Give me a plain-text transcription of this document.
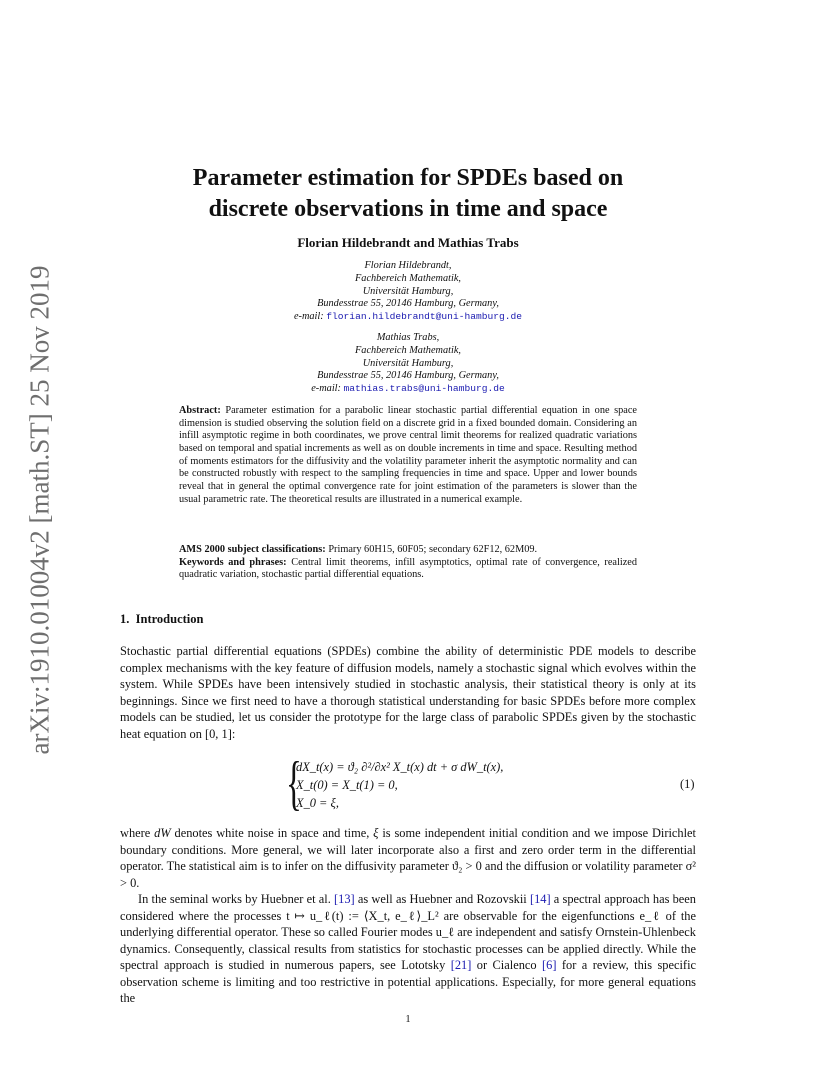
arXiv:1910.01004v2 [math.ST] 25 Nov 2019
Parameter estimation for SPDEs based on
discrete observations in time and space

Florian Hildebrandt and Mathias Trabs

Florian Hildebrandt,
Fachbereich Mathematik,
Universität Hamburg,
Bundesstrae 55, 20146 Hamburg, Germany,
e-mail: florian.hildebrandt@uni-hamburg.de
Mathias Trabs,
Fachbereich Mathematik,
Universität Hamburg,
Bundesstrae 55, 20146 Hamburg, Germany,
e-mail: mathias.trabs@uni-hamburg.de

Abstract: Parameter estimation for a parabolic linear stochastic partial differential equation in one space dimension is studied observing the solution field on a discrete grid in a fixed bounded domain. Considering an infill asymptotic regime in both coordinates, we prove central limit theorems for realized quadratic variations based on temporal and spatial increments as well as on double increments in time and space. Resulting method of moments estimators for the diffusivity and the volatility parameter inherit the asymptotic normality and can be constructed robustly with respect to the sampling frequencies in time and space. Upper and lower bounds reveal that in general the optimal convergence rate for joint estimation of the parameters is slower than the usual parametric rate. The theoretical results are illustrated in a numerical example.

AMS 2000 subject classifications: Primary 60H15, 60F05; secondary 62F12, 62M09.

Keywords and phrases: Central limit theorems, infill asymptotics, optimal rate of convergence, realized quadratic variation, stochastic partial differential equations.

1. Introduction

Stochastic partial differential equations (SPDEs) combine the ability of deterministic PDE models to describe complex mechanisms with the key feature of diffusion models, namely a stochastic signal which evolves within the system. While SPDEs have been intensively studied in stochastic analysis, their statistical theory is only at its beginnings. Since we first need to have a thorough statistical understanding for basic SPDEs before more complex models can be studied, let us consider the prototype for the large class of parabolic SPDEs given by the stochastic heat equation on [0, 1]:

{
dX_t(x) = ϑ₂ ∂²/∂x² X_t(x) dt + σ dW_t(x),
X_t(0) = X_t(1) = 0,
X_0 = ξ,
(1)

where dW denotes white noise in space and time, ξ is some independent initial condition and we impose Dirichlet boundary conditions. More general, we will later incorporate also a first and zero order term in the differential operator. The statistical aim is to infer on the diffusivity parameter ϑ₂ > 0 and the diffusion or volatility parameter σ² > 0.

In the seminal works by Huebner et al. [13] as well as Huebner and Rozovskii [14] a spectral approach has been considered where the processes t ↦ u_ℓ(t) := ⟨X_t, e_ℓ⟩_L² are observable for the eigenfunctions e_ℓ of the underlying differential operator. These so called Fourier modes u_ℓ are independent and satisfy Ornstein-Uhlenbeck dynamics. Consequently, classical results from statistics for stochastic processes can be applied directly. While the spectral approach is studied in numerous papers, see Lototsky [21] or Cialenco [6] for a review, this specific observation scheme is limiting and too restrictive in potential applications. Especially, for more general equations the

1
